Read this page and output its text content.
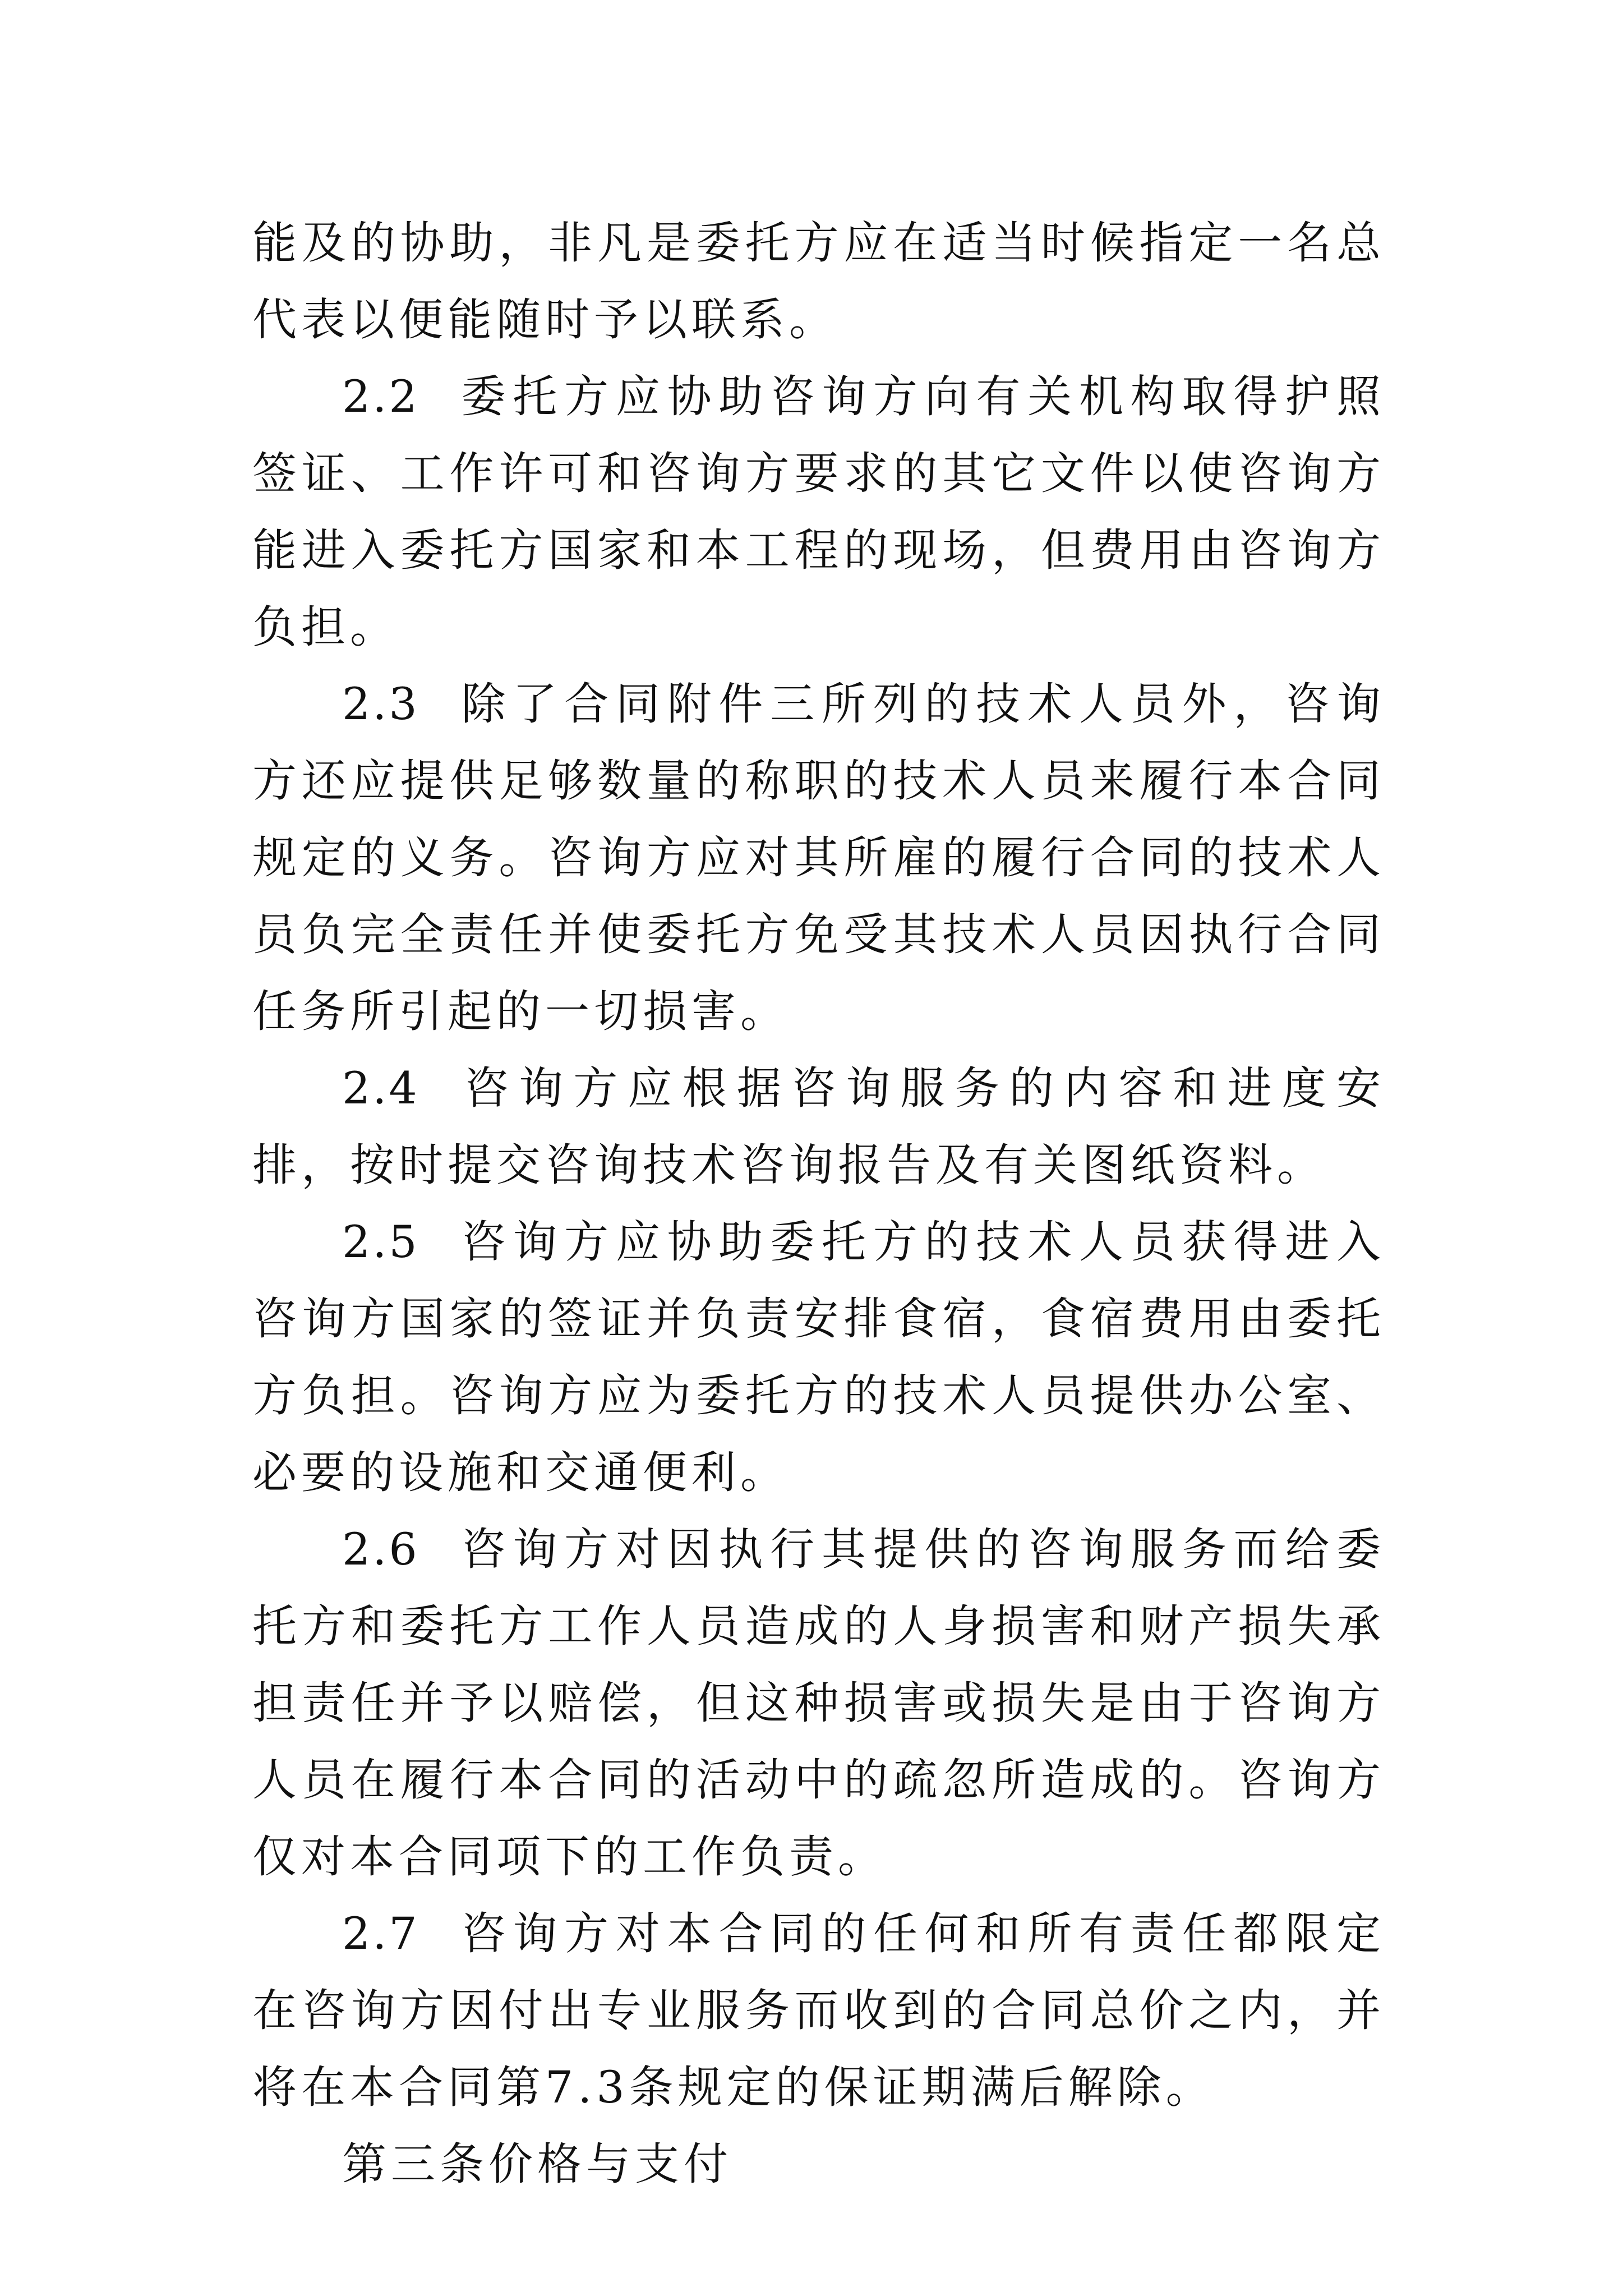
能及的协助，非凡是委托方应在适当时候指定一名总代表以便能随时予以联系。

2.2 委托方应协助咨询方向有关机构取得护照签证、工作许可和咨询方要求的其它文件以使咨询方能进入委托方国家和本工程的现场，但费用由咨询方负担。

2.3 除了合同附件三所列的技术人员外，咨询方还应提供足够数量的称职的技术人员来履行本合同规定的义务。咨询方应对其所雇的履行合同的技术人员负完全责任并使委托方免受其技术人员因执行合同任务所引起的一切损害。

2.4 咨询方应根据咨询服务的内容和进度安排，按时提交咨询技术咨询报告及有关图纸资料。

2.5 咨询方应协助委托方的技术人员获得进入咨询方国家的签证并负责安排食宿，食宿费用由委托方负担。咨询方应为委托方的技术人员提供办公室、必要的设施和交通便利。

2.6 咨询方对因执行其提供的咨询服务而给委托方和委托方工作人员造成的人身损害和财产损失承担责任并予以赔偿，但这种损害或损失是由于咨询方人员在履行本合同的活动中的疏忽所造成的。咨询方仅对本合同项下的工作负责。

2.7 咨询方对本合同的任何和所有责任都限定在咨询方因付出专业服务而收到的合同总价之内，并将在本合同第7.3条规定的保证期满后解除。

第三条价格与支付
